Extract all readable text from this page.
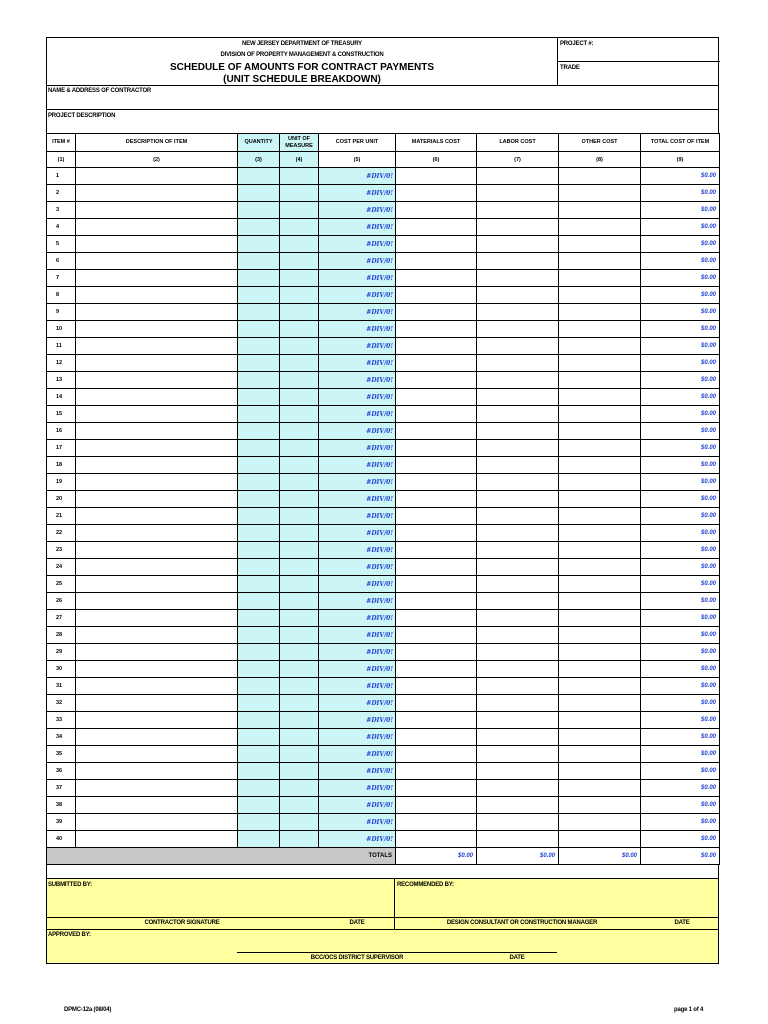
NEW JERSEY DEPARTMENT OF TREASURY
DIVISION OF PROPERTY MANAGEMENT & CONSTRUCTION
SCHEDULE OF AMOUNTS FOR CONTRACT PAYMENTS
(UNIT SCHEDULE BREAKDOWN)
PROJECT #:
TRADE
NAME & ADDRESS OF CONTRACTOR
PROJECT DESCRIPTION
ITEM #	DESCRIPTION OF ITEM	QUANTITY	UNIT OF MEASURE	COST PER UNIT	MATERIALS COST	LABOR COST	OTHER COST	TOTAL COST OF ITEM
(1)	(2)	(3)	(4)	(5)	(6)	(7)	(8)	(9)
1				#DIV/0!				$0.00
2				#DIV/0!				$0.00
3				#DIV/0!				$0.00
4				#DIV/0!				$0.00
5				#DIV/0!				$0.00
6				#DIV/0!				$0.00
7				#DIV/0!				$0.00
8				#DIV/0!				$0.00
9				#DIV/0!				$0.00
10				#DIV/0!				$0.00
11				#DIV/0!				$0.00
12				#DIV/0!				$0.00
13				#DIV/0!				$0.00
14				#DIV/0!				$0.00
15				#DIV/0!				$0.00
16				#DIV/0!				$0.00
17				#DIV/0!				$0.00
18				#DIV/0!				$0.00
19				#DIV/0!				$0.00
20				#DIV/0!				$0.00
21				#DIV/0!				$0.00
22				#DIV/0!				$0.00
23				#DIV/0!				$0.00
24				#DIV/0!				$0.00
25				#DIV/0!				$0.00
26				#DIV/0!				$0.00
27				#DIV/0!				$0.00
28				#DIV/0!				$0.00
29				#DIV/0!				$0.00
30				#DIV/0!				$0.00
31				#DIV/0!				$0.00
32				#DIV/0!				$0.00
33				#DIV/0!				$0.00
34				#DIV/0!				$0.00
35				#DIV/0!				$0.00
36				#DIV/0!				$0.00
37				#DIV/0!				$0.00
38				#DIV/0!				$0.00
39				#DIV/0!				$0.00
40				#DIV/0!				$0.00
TOTALS					$0.00	$0.00	$0.00	$0.00
SUBMITTED BY:	RECOMMENDED BY:
CONTRACTOR SIGNATURE	DATE	DESIGN CONSULTANT OR CONSTRUCTION MANAGER	DATE
APPROVED BY:
BCC/OCS DISTRICT SUPERVISOR	DATE
DPMC-12a (08/04)	page 1 of 4
